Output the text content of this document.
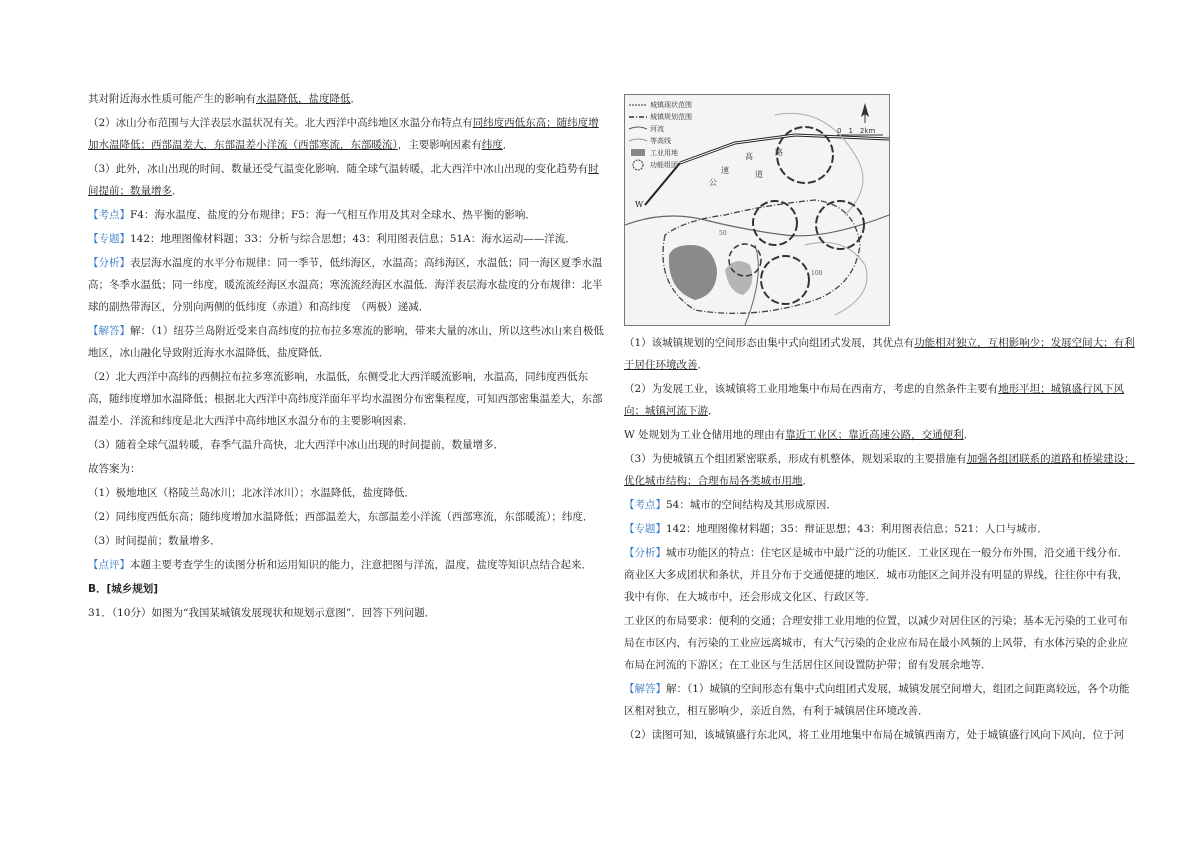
其对附近海水性质可能产生的影响有水温降低，盐度降低．

（2）冰山分布范围与大洋表层水温状况有关。北大西洋中高纬地区水温分布特点有同纬度西低东高；随纬度增加水温降低；西部温差大，东部温差小洋流（西部寒流，东部暖流），主要影响因素有纬度．

（3）此外，冰山出现的时间、数量还受气温变化影响．随全球气温转暖，北大西洋中冰山出现的变化趋势有时间提前；数量增多．

【考点】F4：海水温度、盐度的分布规律；F5：海一气相互作用及其对全球水、热平衡的影响．

【专题】142：地理图像材料题；33：分析与综合思想；43：利用图表信息；51A：海水运动——洋流．

【分析】表层海水温度的水平分布规律：同一季节，低纬海区，水温高；高纬海区，水温低；同一海区夏季水温高；冬季水温低；同一纬度，暖流流经海区水温高；寒流流经海区水温低．海洋表层海水盐度的分布规律：北半球的副热带海区，分别向两侧的低纬度（赤道）和高纬度　（两极）递减．

【解答】解：（1）纽芬兰岛附近受来自高纬度的拉布拉多寒流的影响，带来大量的冰山，所以这些冰山来自极低地区，冰山融化导致附近海水水温降低，盐度降低．

（2）北大西洋中高纬的西侧拉布拉多寒流影响，水温低，东侧受北大西洋暖流影响，水温高，同纬度西低东高，随纬度增加水温降低；根据北大西洋中高纬度洋面年平均水温图分布密集程度，可知西部密集温差大，东部温差小．洋流和纬度是北大西洋中高纬地区水温分布的主要影响因素．

（3）随着全球气温转暖，春季气温升高快，北大西洋中冰山出现的时间提前，数量增多．

故答案为：

（1）极地地区（格陵兰岛冰川；北冰洋冰川）；水温降低，盐度降低．

（2）同纬度西低东高；随纬度增加水温降低；西部温差大，东部温差小洋流（西部寒流，东部暖流）；纬度．

（3）时间提前；数量增多．

【点评】本题主要考查学生的读图分析和运用知识的能力，注意把图与洋流，温度，盐度等知识点结合起来．

B．[城乡规划]

31．（10分）如图为“我国某城镇发展现状和规划示意图”．回答下列问题．

城镇现状范围
城镇规划范围
河流
等高线
工业用地
功能组团
0　1　2km
高
速
公
路
道
100
50
W

（1）该城镇规划的空间形态由集中式向组团式发展，其优点有功能相对独立，互相影响少；发展空间大；有利于居住环境改善．

（2）为发展工业，该城镇将工业用地集中布局在西南方，考虑的自然条件主要有地形平坦；城镇盛行风下风向；城镇河流下游．

W 处规划为工业仓储用地的理由有靠近工业区；靠近高速公路，交通便利．

（3）为使城镇五个组团紧密联系，形成有机整体，规划采取的主要措施有加强各组团联系的道路和桥梁建设；优化城市结构；合理布局各类城市用地．

【考点】54：城市的空间结构及其形成原因．

【专题】142：地理图像材料题；35：辩证思想；43：利用图表信息；521：人口与城市．

【分析】城市功能区的特点：住宅区是城市中最广泛的功能区．工业区现在一般分布外围，沿交通干线分布．商业区大多成团状和条状，并且分布于交通便捷的地区．城市功能区之间并没有明显的界线，往往你中有我，我中有你．在大城市中，还会形成文化区、行政区等．

工业区的布局要求：便利的交通；合理安排工业用地的位置，以减少对居住区的污染；基本无污染的工业可布局在市区内，有污染的工业应远离城市，有大气污染的企业应布局在最小风频的上风带，有水体污染的企业应布局在河流的下游区；在工业区与生活居住区间设置防护带；留有发展余地等．

【解答】解：（1）城镇的空间形态有集中式向组团式发展，城镇发展空间增大，组团之间距离较远，各个功能区相对独立，相互影响少，亲近自然，有利于城镇居住环境改善．

（2）读图可知，该城镇盛行东北风，将工业用地集中布局在城镇西南方，处于城镇盛行风向下风向，位于河
